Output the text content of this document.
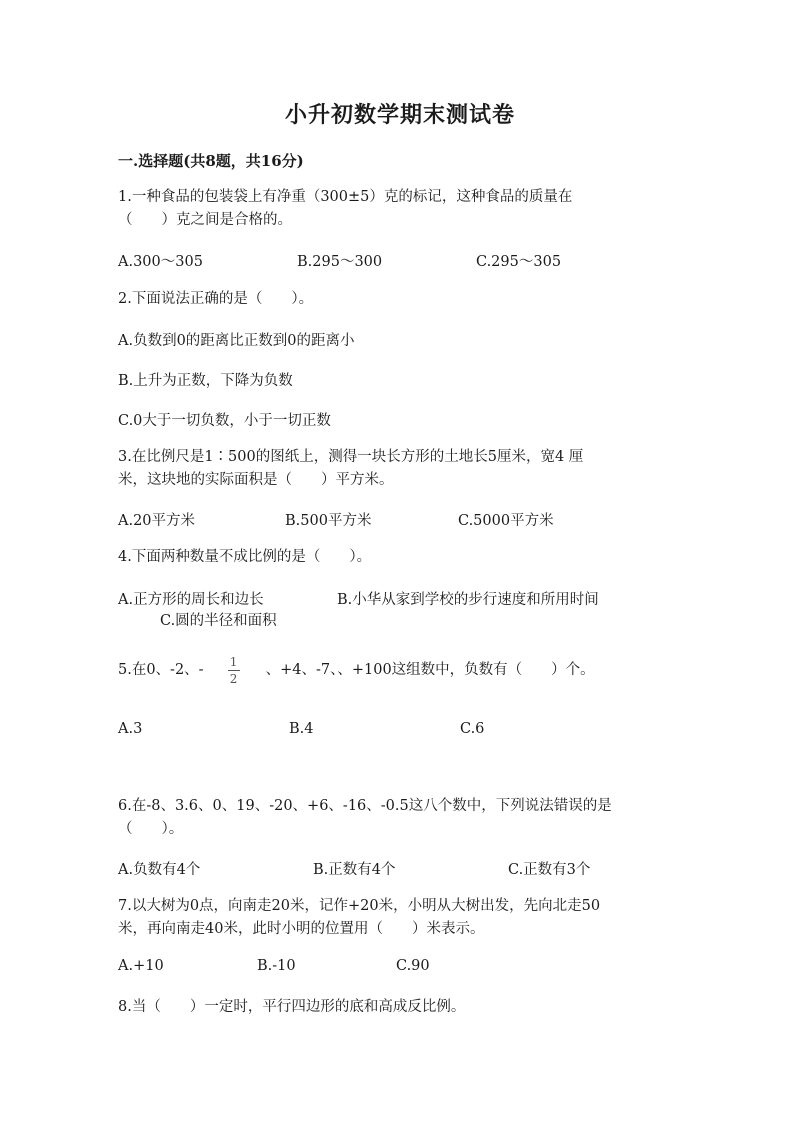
小升初数学期末测试卷
一.选择题(共8题，共16分)
1.一种食品的包装袋上有净重（300±5）克的标记，这种食品的质量在
（　　）克之间是合格的。
A.300～305	B.295～300	C.295～305
2.下面说法正确的是（　　）。
A.负数到0的距离比正数到0的距离小
B.上升为正数，下降为负数
C.0大于一切负数，小于一切正数
3.在比例尺是1∶500的图纸上，测得一块长方形的土地长5厘米，宽4 厘
米，这块地的实际面积是（　　）平方米。
A.20平方米	B.500平方米	C.5000平方米
4.下面两种数量不成比例的是（　　）。
A.正方形的周长和边长	B.小华从家到学校的步行速度和所用时间
C.圆的半径和面积
5.在0、-2、- $\frac{1}{2}$ 、+4、-7、、+100这组数中，负数有（　　）个。
A.3	B.4	C.6
6.在-8、3.6、0、19、-20、+6、-16、-0.5这八个数中，下列说法错误的是
（　　）。
A.负数有4个	B.正数有4个	C.正数有3个
7.以大树为0点，向南走20米，记作+20米，小明从大树出发，先向北走50
米，再向南走40米，此时小明的位置用（　　）米表示。
A.+10	B.-10	C.90
8.当（　　）一定时，平行四边形的底和高成反比例。
